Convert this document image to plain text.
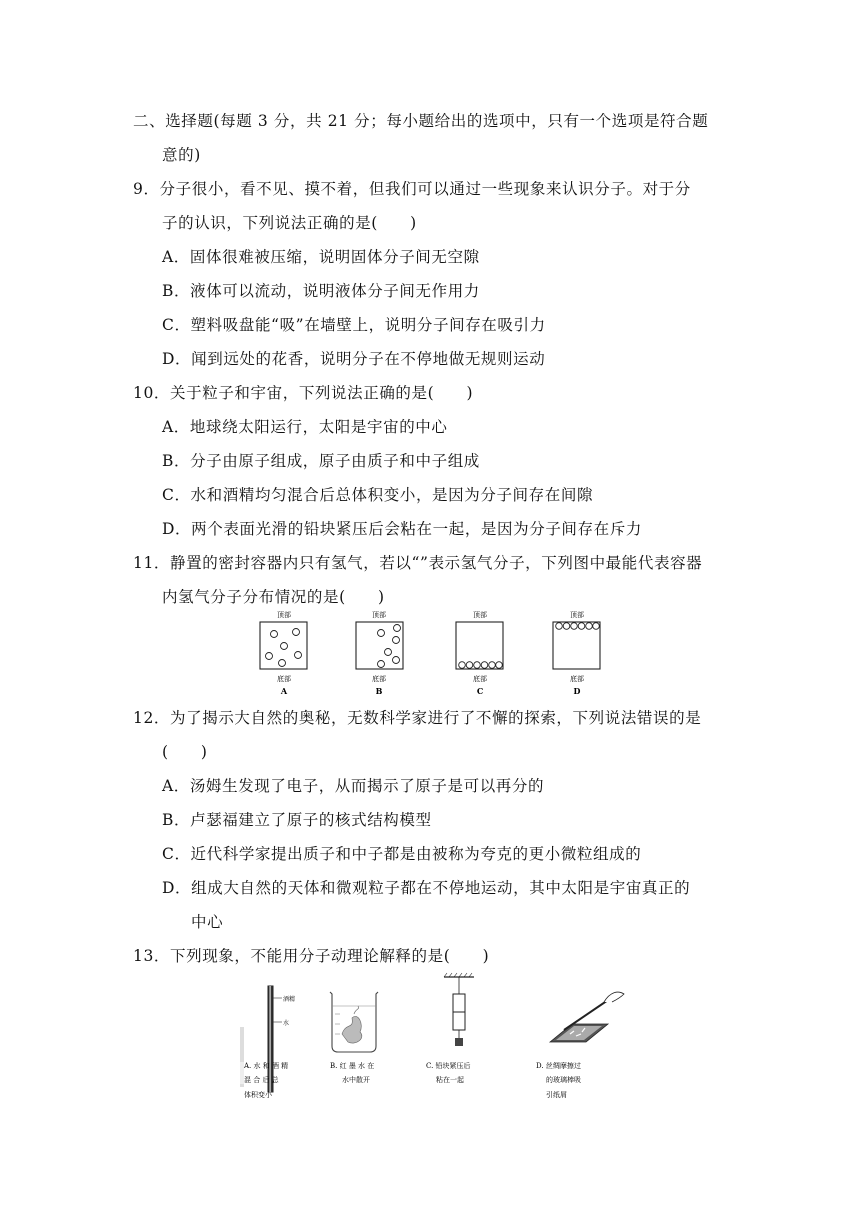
二、选择题(每题 3 分，共 21 分；每小题给出的选项中，只有一个选项是符合题
意的)
9．分子很小，看不见、摸不着，但我们可以通过一些现象来认识分子。对于分
子的认识，下列说法正确的是(　　)
A．固体很难被压缩，说明固体分子间无空隙
B．液体可以流动，说明液体分子间无作用力
C．塑料吸盘能“吸”在墙壁上，说明分子间存在吸引力
D．闻到远处的花香，说明分子在不停地做无规则运动
10．关于粒子和宇宙，下列说法正确的是(　　)
A．地球绕太阳运行，太阳是宇宙的中心
B．分子由原子组成，原子由质子和中子组成
C．水和酒精均匀混合后总体积变小，是因为分子间存在间隙
D．两个表面光滑的铅块紧压后会粘在一起，是因为分子间存在斥力
11．静置的密封容器内只有氢气，若以“”表示氢气分子，下列图中最能代表容器
内氢气分子分布情况的是(　　)
顶部
底部
A
顶部
底部
B
顶部
底部
C
顶部
底部
D
12．为了揭示大自然的奥秘，无数科学家进行了不懈的探索，下列说法错误的是
(　　)
A．汤姆生发现了电子，从而揭示了原子是可以再分的
B．卢瑟福建立了原子的核式结构模型
C．近代科学家提出质子和中子都是由被称为夸克的更小微粒组成的
D．组成大自然的天体和微观粒子都在不停地运动，其中太阳是宇宙真正的
中心
13．下列现象，不能用分子动理论解释的是(　　)
酒精
水
A. 水 和 酒 精
混 合 后 总
体积变小
B. 红 墨 水 在
水中散开
C. 铅块紧压后
粘在一起
D. 丝绸摩擦过
的玻璃棒吸
引纸屑
